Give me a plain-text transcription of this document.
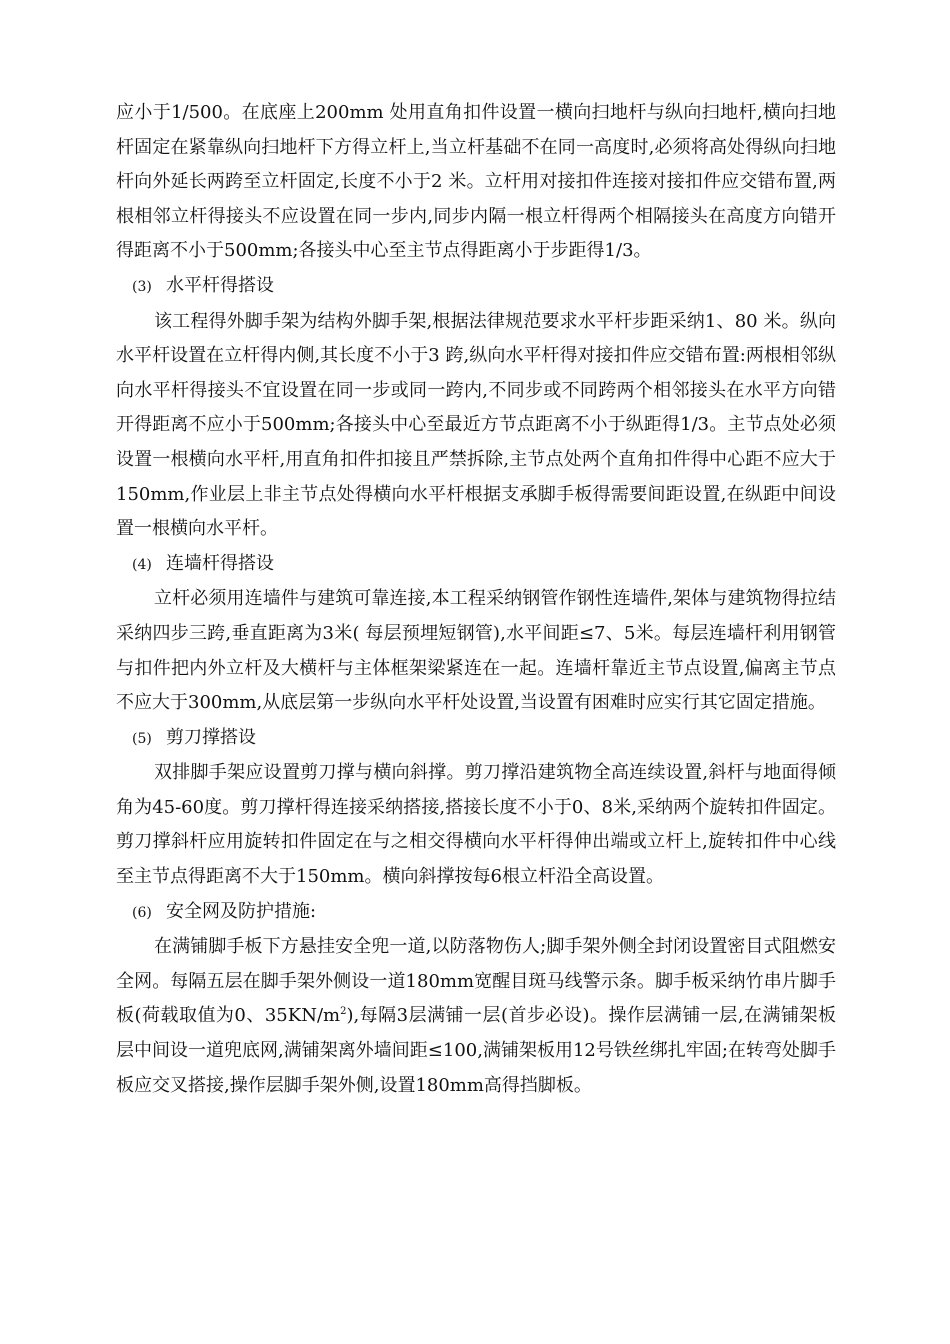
应小于1/500。在底座上200mm 处用直角扣件设置一横向扫地杆与纵向扫地杆,横向扫地杆固定在紧靠纵向扫地杆下方得立杆上,当立杆基础不在同一高度时,必须将高处得纵向扫地杆向外延长两跨至立杆固定,长度不小于2 米。立杆用对接扣件连接对接扣件应交错布置,两根相邻立杆得接头不应设置在同一步内,同步内隔一根立杆得两个相隔接头在高度方向错开得距离不小于500mm;各接头中心至主节点得距离小于步距得1/3。

(3) 水平杆得搭设

该工程得外脚手架为结构外脚手架,根据法律规范要求水平杆步距采纳1、80 米。纵向水平杆设置在立杆得内侧,其长度不小于3 跨,纵向水平杆得对接扣件应交错布置:两根相邻纵向水平杆得接头不宜设置在同一步或同一跨内,不同步或不同跨两个相邻接头在水平方向错开得距离不应小于500mm;各接头中心至最近方节点距离不小于纵距得1/3。主节点处必须设置一根横向水平杆,用直角扣件扣接且严禁拆除,主节点处两个直角扣件得中心距不应大于150mm,作业层上非主节点处得横向水平杆根据支承脚手板得需要间距设置,在纵距中间设置一根横向水平杆。

(4) 连墙杆得搭设

立杆必须用连墙件与建筑可靠连接,本工程采纳钢管作钢性连墙件,架体与建筑物得拉结采纳四步三跨,垂直距离为3米( 每层预埋短钢管),水平间距≤7、5米。每层连墙杆利用钢管与扣件把内外立杆及大横杆与主体框架梁紧连在一起。连墙杆靠近主节点设置,偏离主节点不应大于300mm,从底层第一步纵向水平杆处设置,当设置有困难时应实行其它固定措施。

(5) 剪刀撑搭设

双排脚手架应设置剪刀撑与横向斜撑。剪刀撑沿建筑物全高连续设置,斜杆与地面得倾角为45-60度。剪刀撑杆得连接采纳搭接,搭接长度不小于0、8米,采纳两个旋转扣件固定。剪刀撑斜杆应用旋转扣件固定在与之相交得横向水平杆得伸出端或立杆上,旋转扣件中心线至主节点得距离不大于150mm。横向斜撑按每6根立杆沿全高设置。

(6) 安全网及防护措施:

在满铺脚手板下方悬挂安全兜一道,以防落物伤人;脚手架外侧全封闭设置密目式阻燃安全网。每隔五层在脚手架外侧设一道180mm宽醒目斑马线警示条。脚手板采纳竹串片脚手板(荷载取值为0、$35KN/m^2$),每隔3层满铺一层(首步必设)。操作层满铺一层,在满铺架板层中间设一道兜底网,满铺架离外墙间距≤100,满铺架板用12号铁丝绑扎牢固;在转弯处脚手板应交叉搭接,操作层脚手架外侧,设置180mm高得挡脚板。
